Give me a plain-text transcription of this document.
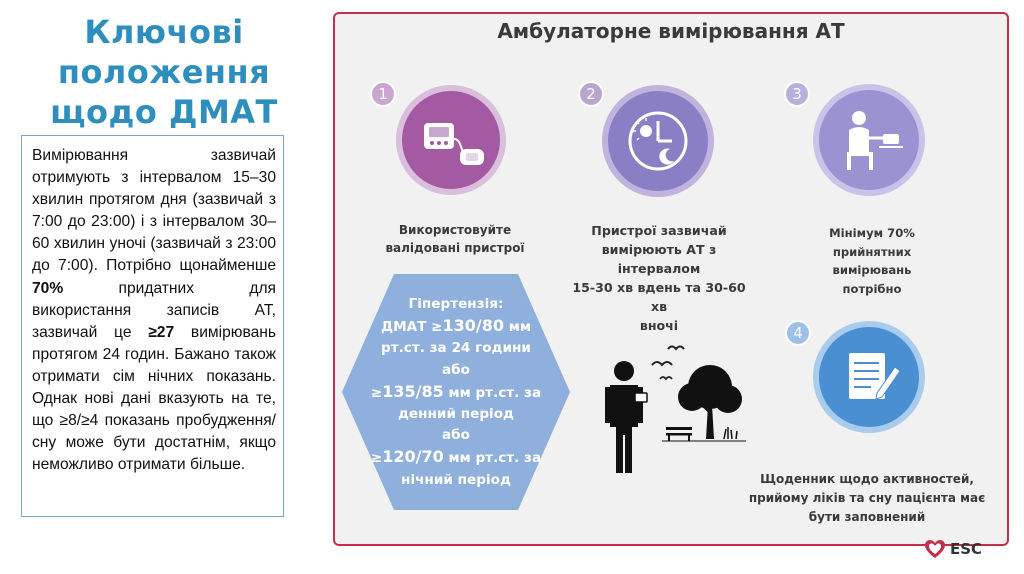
Ключові
положення
щодо ДМАТ
Вимірювання зазвичай отримують з інтервалом 15–30 хвилин протягом дня (зазвичай з 7:00 до 23:00) і з інтервалом 30–60 хвилин уночі (зазвичай з 23:00 до 7:00). Потрібно щонайменше 70% придатних для використання записів АТ, зазвичай це ≥27 вимірювань протягом 24 годин. Бажано також отримати сім нічних показань. Однак нові дані вказують на те, що ≥8/≥4 показань пробудження/сну може бути достатнім, якщо неможливо отримати більше.
Амбулаторне вимірювання АТ
1
Використовуйте
валідовані пристрої
2
Пристрої зазвичай
вимірюють АТ з інтервалом
15-30 хв вдень та 30-60 хв
вночі
3
Мінімум 70%
прийнятних
вимірювань потрібно
4
Щоденник щодо активностей,
прийому ліків та сну пацієнта має
бути заповнений
Гіпертензія:
ДМАТ ≥130/80 мм
рт.ст. за 24 години
або
≥135/85 мм рт.ст. за
денний період
або
≥120/70 мм рт.ст. за
нічний період
ESC
